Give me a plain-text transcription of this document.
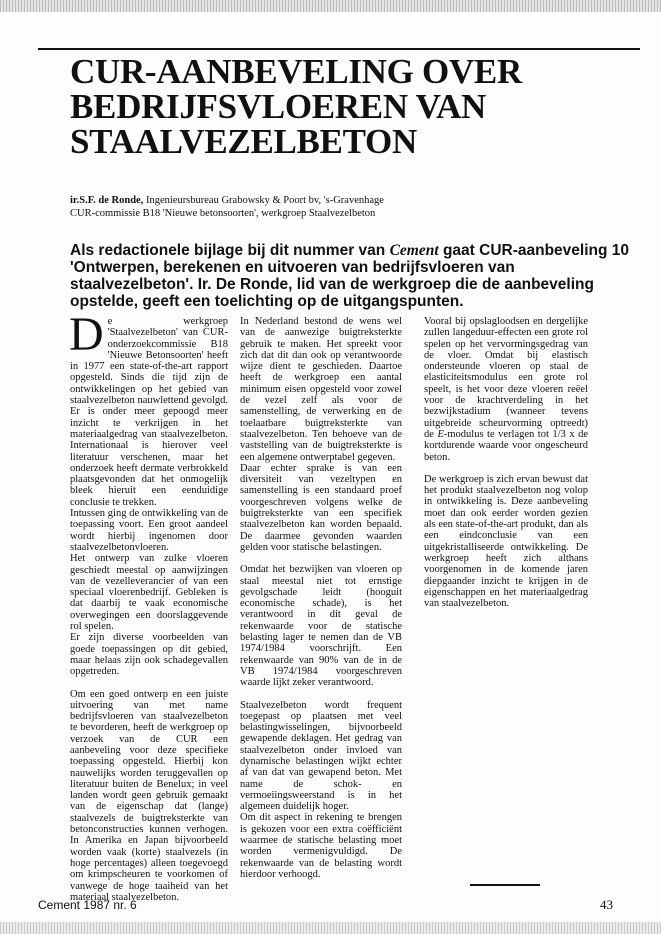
CUR-AANBEVELING OVER
BEDRIJFSVLOEREN VAN
STAALVEZELBETON
ir.S.F. de Ronde, Ingenieursbureau Grabowsky & Poort bv, 's-Gravenhage
CUR-commissie B18 'Nieuwe betonsoorten', werkgroep Staalvezelbeton
Als redactionele bijlage bij dit nummer van Cement gaat CUR-aanbeveling 10 'Ontwerpen, berekenen en uitvoeren van bedrijfsvloeren van staalvezelbeton'. Ir. De Ronde, lid van de werkgroep die de aanbeveling opstelde, geeft een toelichting op de uitgangspunten.

De werkgroep 'Staalvezelbeton' van CUR-onderzoekcommissie B18 'Nieuwe Betonsoorten' heeft in 1977 een state-of-the-art rapport opgesteld. Sinds die tijd zijn de ontwikkelingen op het gebied van staalvezelbeton nauwlettend gevolgd. Er is onder meer gepoogd meer inzicht te verkrijgen in het materiaalgedrag van staalvezelbeton. Internationaal is hierover veel literatuur verschenen, maar het onderzoek heeft dermate verbrokkeld plaatsgevonden dat het onmogelijk bleek hieruit een eenduidige conclusie te trekken.

Intussen ging de ontwikkeling van de toepassing voort. Een groot aandeel wordt hierbij ingenomen door staalvezelbetonvloeren.

Het ontwerp van zulke vloeren geschiedt meestal op aanwijzingen van de vezelleverancier of van een speciaal vloerenbedrijf. Gebleken is dat daarbij te vaak economische overwegingen een doorslaggevende rol spelen.

Er zijn diverse voorbeelden van goede toepassingen op dit gebied, maar helaas zijn ook schadegevallen opgetreden.

Om een goed ontwerp en een juiste uitvoering van met name bedrijfsvloeren van staalvezelbeton te bevorderen, heeft de werkgroep op verzoek van de CUR een aanbeveling voor deze specifieke toepassing opgesteld. Hierbij kon nauwelijks worden teruggevallen op literatuur buiten de Benelux; in veel landen wordt geen gebruik gemaakt van de eigenschap dat (lange) staalvezels de buigtreksterkte van betonconstructies kunnen verhogen. In Amerika en Japan bijvoorbeeld worden vaak (korte) staalvezels (in hoge percentages) alleen toegevoegd om krimpscheuren te voorkomen of vanwege de hoge taaiheid van het materiaal staalvezelbeton.

In Nederland bestond de wens wel van de aanwezige buigtreksterkte gebruik te maken. Het spreekt voor zich dat dit dan ook op verantwoorde wijze dient te geschieden. Daartoe heeft de werkgroep een aantal minimum eisen opgesteld voor zowel de vezel zelf als voor de samenstelling, de verwerking en de toelaatbare buigtreksterkte van staalvezelbeton. Ten behoeve van de vaststelling van de buigtreksterkte is een algemene ontwerptabel gegeven.

Daar echter sprake is van een diversiteit van vezeltypen en samenstelling is een standaard proef voorgeschreven volgens welke de buigtreksterkte van een specifiek staalvezelbeton kan worden bepaald. De daarmee gevonden waarden gelden voor statische belastingen.

Omdat het bezwijken van vloeren op staal meestal niet tot ernstige gevolgschade leidt (hooguit economische schade), is het verantwoord in dit geval de rekenwaarde voor de statische belasting lager te nemen dan de VB 1974/1984 voorschrijft. Een rekenwaarde van 90% van de in de VB 1974/1984 voorgeschreven waarde lijkt zeker verantwoord.

Staalvezelbeton wordt frequent toegepast op plaatsen met veel belastingwisselingen, bijvoorbeeld gewapende deklagen. Het gedrag van staalvezelbeton onder invloed van dynamische belastingen wijkt echter af van dat van gewapend beton. Met name de schok- en vermoeiingsweerstand is in het algemeen duidelijk hoger.

Om dit aspect in rekening te brengen is gekozen voor een extra coëfficiënt waarmee de statische belasting moet worden vermenigvuldigd. De rekenwaarde van de belasting wordt hierdoor verhoogd.

Vooral bij opslagloodsen en dergelijke zullen langeduur-effecten een grote rol spelen op het vervormingsgedrag van de vloer. Omdat bij elastisch ondersteunde vloeren op staal de elasticiteitsmodulus een grote rol speelt, is het voor deze vloeren reëel voor de krachtverdeling in het bezwijkstadium (wanneer tevens uitgebreide scheurvorming optreedt) de E-modulus te verlagen tot 1/3 x de kortdurende waarde voor ongescheurd beton.

De werkgroep is zich ervan bewust dat het produkt staalvezelbeton nog volop in ontwikkeling is. Deze aanbeveling moet dan ook eerder worden gezien als een state-of-the-art produkt, dan als een eindconclusie van een uitgekristalliseerde ontwikkeling. De werkgroep heeft zich althans voorgenomen in de komende jaren diepgaander inzicht te krijgen in de eigenschappen en het materiaalgedrag van staalvezelbeton.

Cement 1987 nr. 6	43
